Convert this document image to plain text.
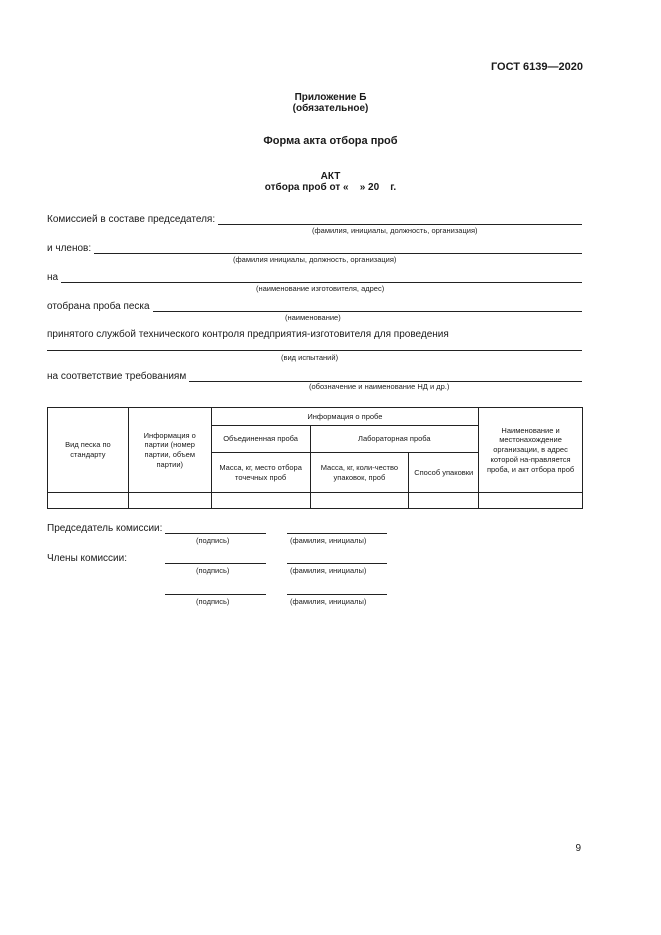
ГОСТ 6139—2020
Приложение Б
(обязательное)
Форма акта отбора проб
АКТ
отбора проб от «    » 20    г.
Комиссией в составе председателя:
(фамилия, инициалы, должность, организация)
и членов:
(фамилия инициалы, должность, организация)
на
(наименование изготовителя, адрес)
отобрана проба песка
(наименование)
принятого службой технического контроля предприятия-изготовителя для проведения
(вид испытаний)
на соответствие требованиям
(обозначение и наименование НД и др.)
Вид песка по стандарту	Информация о партии (номер партии, объем партии)	Информация о пробе			Наименование и местонахождение организации, в адрес которой на-правляется проба, и акт отбора проб
		Объединенная проба	Лабораторная проба		
		Масса, кг, место отбора точечных проб	Масса, кг, коли-чество упаковок, проб	Способ упаковки	

Председатель комиссии:
(подпись)	(фамилия, инициалы)
Члены комиссии:
(подпись)	(фамилия, инициалы)
(подпись)	(фамилия, инициалы)
9
